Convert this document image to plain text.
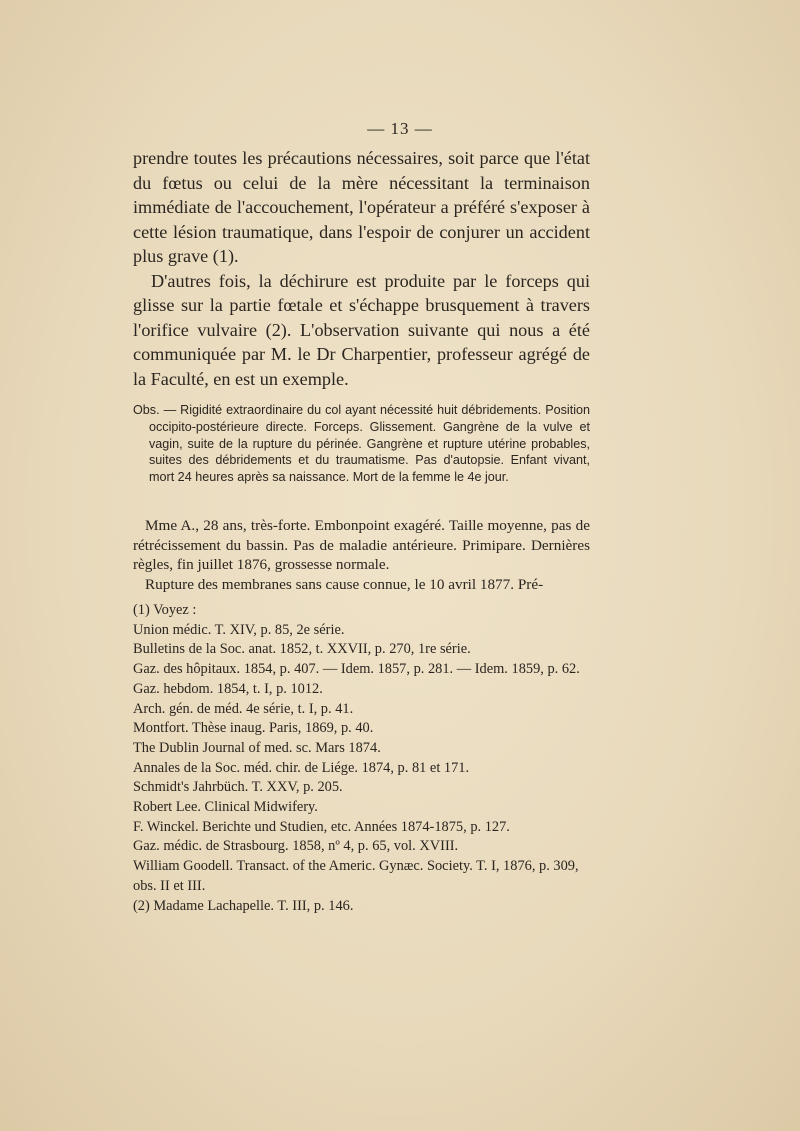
— 13 —

prendre toutes les précautions nécessaires, soit parce que l'état du fœtus ou celui de la mère nécessitant la terminaison immédiate de l'accouchement, l'opérateur a préféré s'exposer à cette lésion traumatique, dans l'espoir de conjurer un accident plus grave (1).

D'autres fois, la déchirure est produite par le forceps qui glisse sur la partie fœtale et s'échappe brusquement à travers l'orifice vulvaire (2). L'observation suivante qui nous a été communiquée par M. le Dr Charpentier, professeur agrégé de la Faculté, en est un exemple.

Obs. — Rigidité extraordinaire du col ayant nécessité huit débridements. Position occipito-postérieure directe. Forceps. Glissement. Gangrène de la vulve et vagin, suite de la rupture du périnée. Gangrène et rupture utérine probables, suites des débridements et du traumatisme. Pas d'autopsie. Enfant vivant, mort 24 heures après sa naissance. Mort de la femme le 4e jour.

Mme A., 28 ans, très-forte. Embonpoint exagéré. Taille moyenne, pas de rétrécissement du bassin. Pas de maladie antérieure. Primipare. Dernières règles, fin juillet 1876, grossesse normale.

Rupture des membranes sans cause connue, le 10 avril 1877. Pré-

(1) Voyez :
Union médic. T. XIV, p. 85, 2e série.
Bulletins de la Soc. anat. 1852, t. XXVII, p. 270, 1re série.
Gaz. des hôpitaux. 1854, p. 407. — Idem. 1857, p. 281. — Idem. 1859, p. 62.
Gaz. hebdom. 1854, t. I, p. 1012.
Arch. gén. de méd. 4e série, t. I, p. 41.
Montfort. Thèse inaug. Paris, 1869, p. 40.
The Dublin Journal of med. sc. Mars 1874.
Annales de la Soc. méd. chir. de Liége. 1874, p. 81 et 171.
Schmidt's Jahrbüch. T. XXV, p. 205.
Robert Lee. Clinical Midwifery.
F. Winckel. Berichte und Studien, etc. Années 1874-1875, p. 127.
Gaz. médic. de Strasbourg. 1858, nº 4, p. 65, vol. XVIII.
William Goodell. Transact. of the Americ. Gynæc. Society. T. I, 1876, p. 309, obs. II et III.
(2) Madame Lachapelle. T. III, p. 146.
